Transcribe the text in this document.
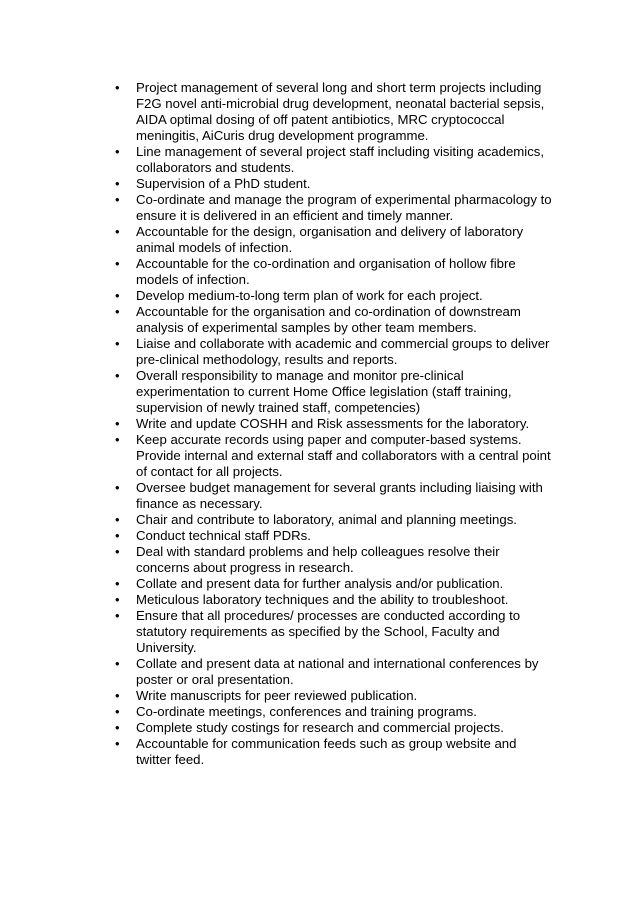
• Project management of several long and short term projects including F2G novel anti-microbial drug development, neonatal bacterial sepsis, AIDA optimal dosing of off patent antibiotics, MRC cryptococcal meningitis, AiCuris drug development programme.
• Line management of several project staff including visiting academics, collaborators and students.
• Supervision of a PhD student.
• Co-ordinate and manage the program of experimental pharmacology to ensure it is delivered in an efficient and timely manner.
• Accountable for the design, organisation and delivery of laboratory animal models of infection.
• Accountable for the co-ordination and organisation of hollow fibre models of infection.
• Develop medium-to-long term plan of work for each project.
• Accountable for the organisation and co-ordination of downstream analysis of experimental samples by other team members.
• Liaise and collaborate with academic and commercial groups to deliver pre-clinical methodology, results and reports.
• Overall responsibility to manage and monitor pre-clinical experimentation to current Home Office legislation (staff training, supervision of newly trained staff, competencies)
• Write and update COSHH and Risk assessments for the laboratory.
• Keep accurate records using paper and computer-based systems. Provide internal and external staff and collaborators with a central point of contact for all projects.
• Oversee budget management for several grants including liaising with finance as necessary.
• Chair and contribute to laboratory, animal and planning meetings.
• Conduct technical staff PDRs.
• Deal with standard problems and help colleagues resolve their concerns about progress in research.
• Collate and present data for further analysis and/or publication.
• Meticulous laboratory techniques and the ability to troubleshoot.
• Ensure that all procedures/ processes are conducted according to statutory requirements as specified by the School, Faculty and University.
• Collate and present data at national and international conferences by poster or oral presentation.
• Write manuscripts for peer reviewed publication.
• Co-ordinate meetings, conferences and training programs.
• Complete study costings for research and commercial projects.
• Accountable for communication feeds such as group website and twitter feed.
